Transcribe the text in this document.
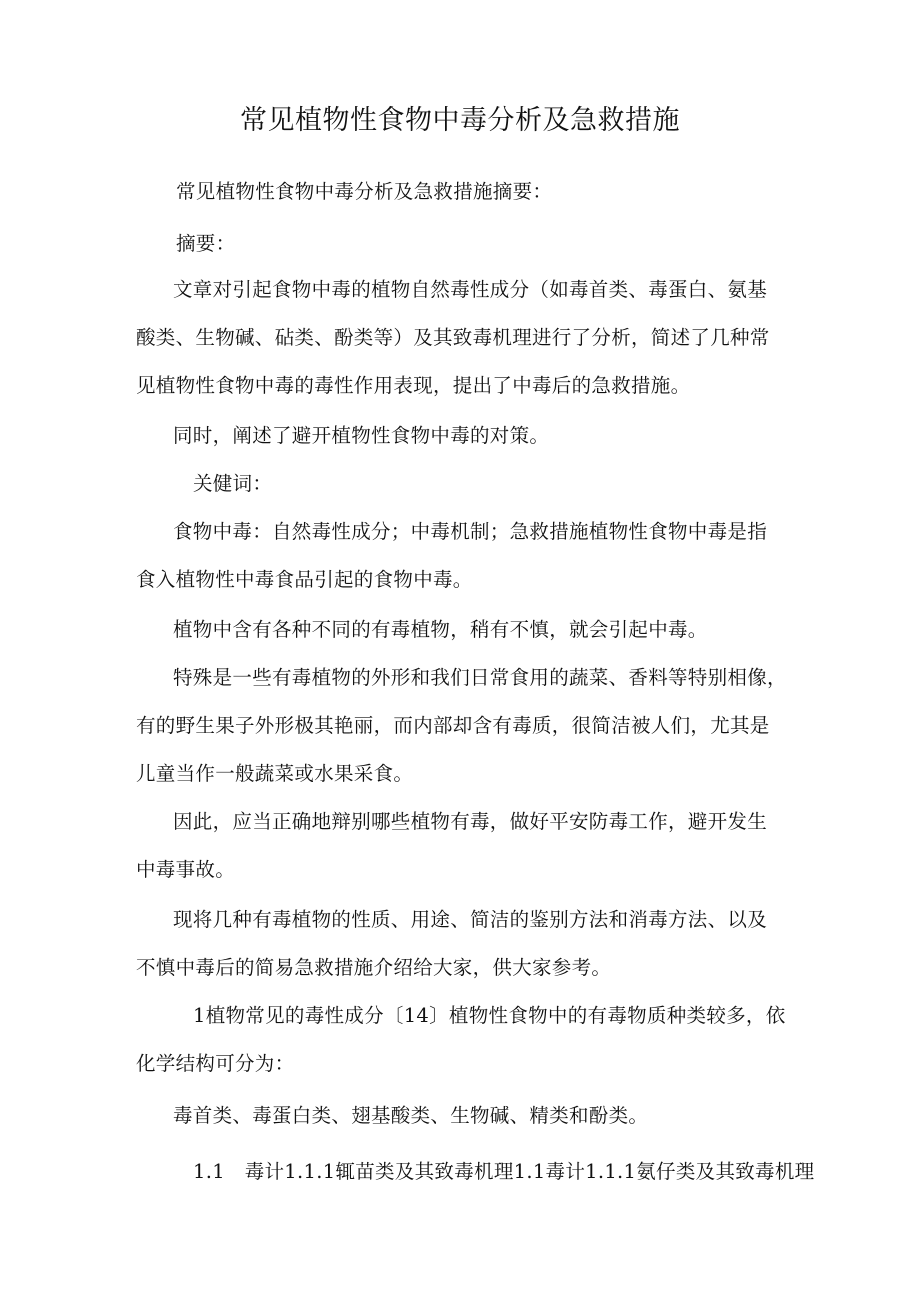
常见植物性食物中毒分析及急救措施
常见植物性食物中毒分析及急救措施摘要：
摘要：
文章对引起食物中毒的植物自然毒性成分（如毒首类、毒蛋白、氨基
酸类、生物碱、砧类、酚类等）及其致毒机理进行了分析，简述了几种常
见植物性食物中毒的毒性作用表现，提出了中毒后的急救措施。
同时，阐述了避开植物性食物中毒的对策。
关健词：
食物中毒：自然毒性成分；中毒机制；急救措施植物性食物中毒是指
食入植物性中毒食品引起的食物中毒。
植物中含有各种不同的有毒植物，稍有不慎，就会引起中毒。
特殊是一些有毒植物的外形和我们日常食用的蔬菜、香料等特别相像，
有的野生果子外形极其艳丽，而内部却含有毒质，很简洁被人们，尤其是
儿童当作一般蔬菜或水果采食。
因此，应当正确地辩别哪些植物有毒，做好平安防毒工作，避开发生
中毒事故。
现将几种有毒植物的性质、用途、简洁的鉴别方法和消毒方法、以及
不慎中毒后的简易急救措施介绍给大家，供大家参考。
1植物常见的毒性成分〔14〕植物性食物中的有毒物质种类较多，依
化学结构可分为：
毒首类、毒蛋白类、翅基酸类、生物碱、精类和酚类。
1.1　毒计1.1.1辄苗类及其致毒机理1.1毒计1.1.1氨仔类及其致毒机理
